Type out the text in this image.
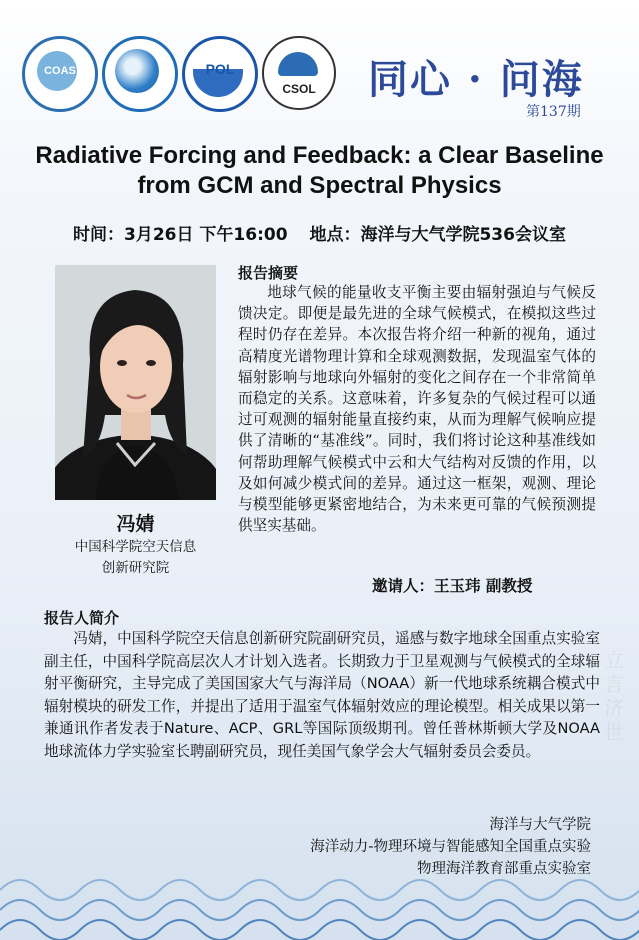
COAS	POL
CSOL	同心 · 问海
第137期
Radiative Forcing and Feedback: a Clear Baseline
from GCM and Spectral Physics
时间：3月26日 下午16:00 地点：海洋与大气学院536会议室
冯婧
中国科学院空天信息
创新研究院
报告摘要
地球气候的能量收支平衡主要由辐射强迫与气候反馈决定。即便是最先进的全球气候模式，在模拟这些过程时仍存在差异。本次报告将介绍一种新的视角，通过高精度光谱物理计算和全球观测数据，发现温室气体的辐射影响与地球向外辐射的变化之间存在一个非常简单而稳定的关系。这意味着，许多复杂的气候过程可以通过可观测的辐射能量直接约束，从而为理解气候响应提供了清晰的“基准线”。同时，我们将讨论这种基准线如何帮助理解气候模式中云和大气结构对反馈的作用，以及如何减少模式间的差异。通过这一框架，观测、理论与模型能够更紧密地结合，为未来更可靠的气候预测提供坚实基础。
邀请人：王玉玮 副教授
报告人简介
冯婧，中国科学院空天信息创新研究院副研究员，遥感与数字地球全国重点实验室副主任，中国科学院高层次人才计划入选者。长期致力于卫星观测与气候模式的全球辐射平衡研究，主导完成了美国国家大气与海洋局（NOAA）新一代地球系统耦合模式中辐射模块的研发工作，并提出了适用于温室气体辐射效应的理论模型。相关成果以第一兼通讯作者发表于Nature、ACP、GRL等国际顶级期刊。曾任普林斯顿大学及NOAA地球流体力学实验室长聘副研究员，现任美国气象学会大气辐射委员会委员。
立
言
济
世
海洋与大气学院
海洋动力-物理环境与智能感知全国重点实验
物理海洋教育部重点实验室
